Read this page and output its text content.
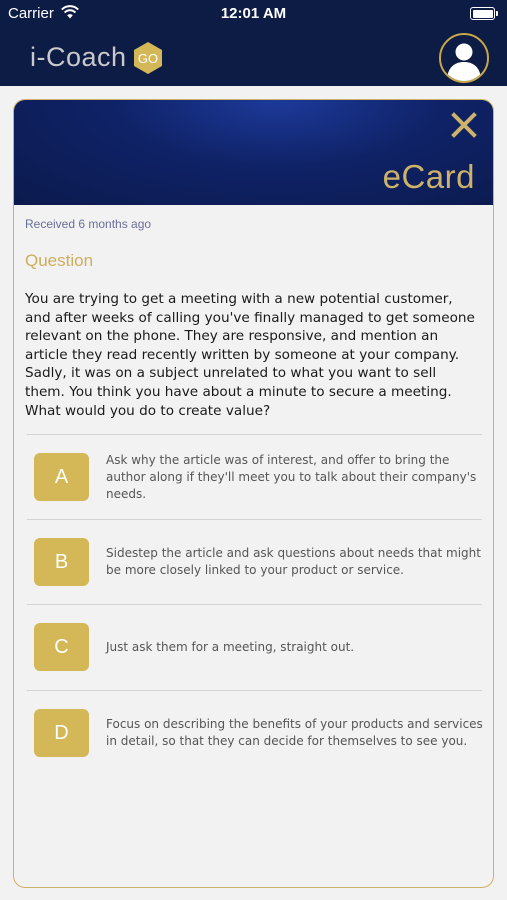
Carrier	12:01 AM
i-Coach GO
eCard
Received 6 months ago
Question
You are trying to get a meeting with a new potential customer, and after weeks of calling you've finally managed to get someone relevant on the phone. They are responsive, and mention an article they read recently written by someone at your company. Sadly, it was on a subject unrelated to what you want to sell them. You think you have about a minute to secure a meeting. What would you do to create value?
A
Ask why the article was of interest, and offer to bring the author along if they'll meet you to talk about their company's needs.
B	Sidestep the article and ask questions about needs that might be more closely linked to your product or service.
C	Just ask them for a meeting, straight out.
D	Focus on describing the benefits of your products and services in detail, so that they can decide for themselves to see you.
